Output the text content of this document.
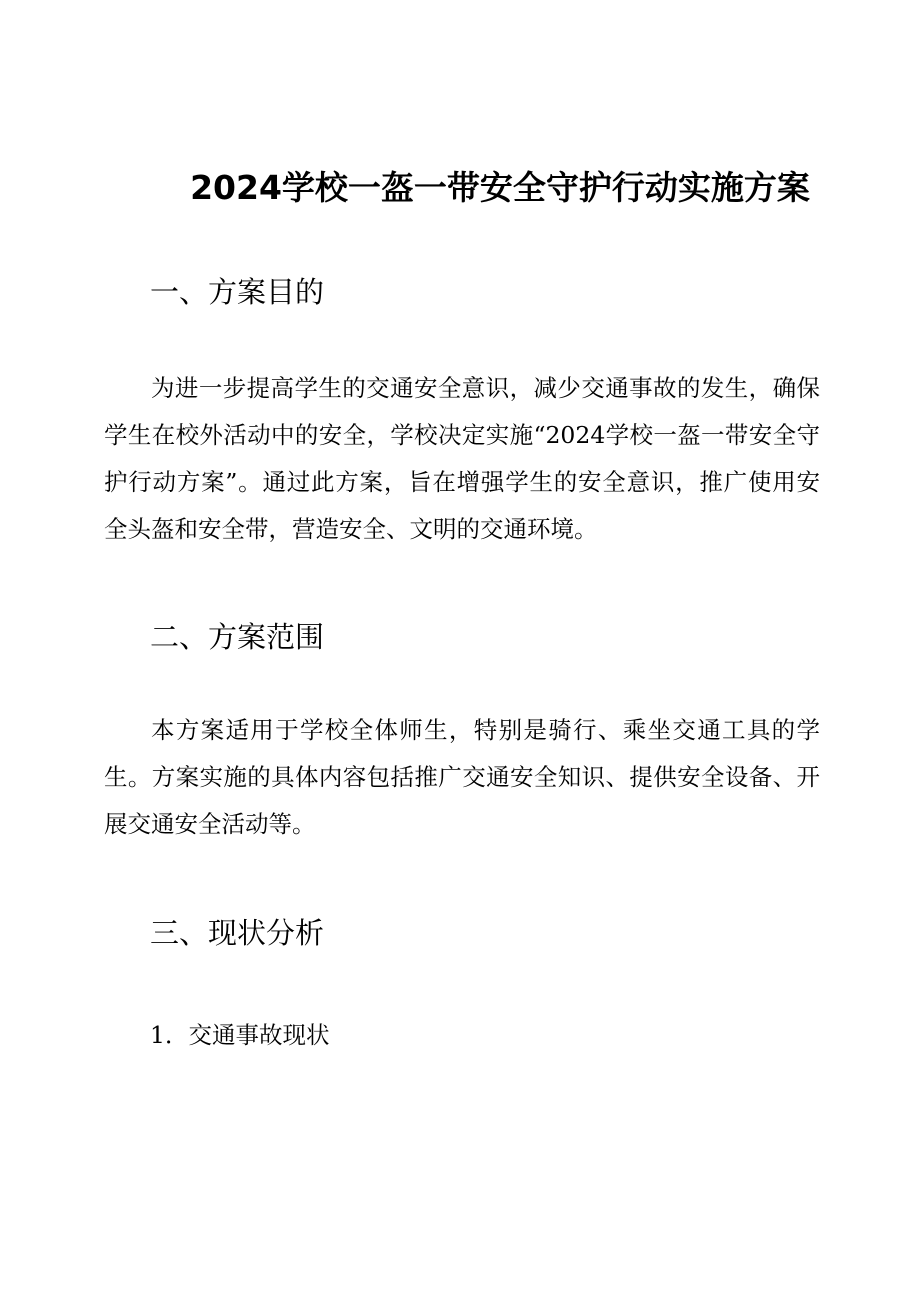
2024学校一盔一带安全守护行动实施方案
一、方案目的

为进一步提高学生的交通安全意识，减少交通事故的发生，确保学生在校外活动中的安全，学校决定实施“2024学校一盔一带安全守护行动方案”。通过此方案，旨在增强学生的安全意识，推广使用安全头盔和安全带，营造安全、文明的交通环境。

二、方案范围

本方案适用于学校全体师生，特别是骑行、乘坐交通工具的学生。方案实施的具体内容包括推广交通安全知识、提供安全设备、开展交通安全活动等。

三、现状分析

1．交通事故现状
